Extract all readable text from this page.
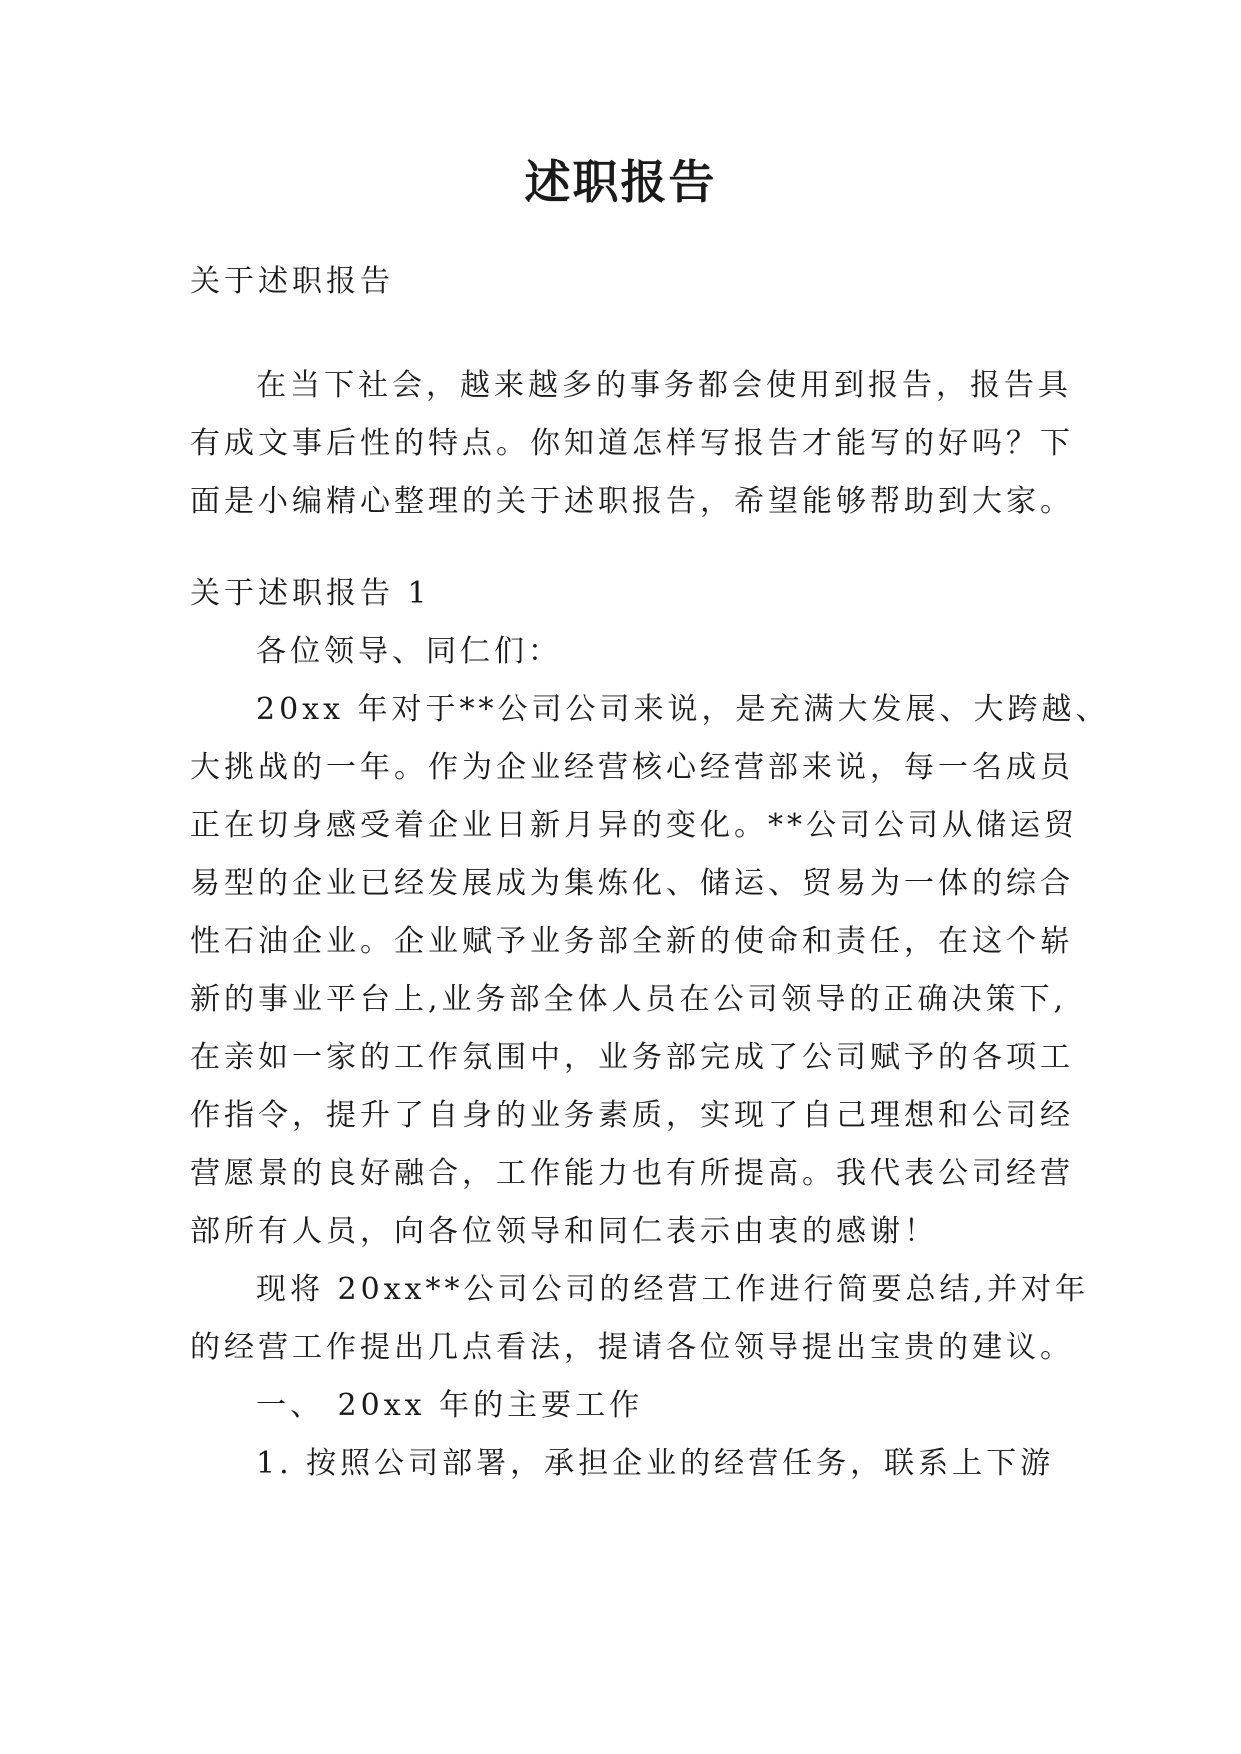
述职报告
关于述职报告
在当下社会，越来越多的事务都会使用到报告，报告具
有成文事后性的特点。你知道怎样写报告才能写的好吗？下
面是小编精心整理的关于述职报告，希望能够帮助到大家。
关于述职报告 1
各位领导、同仁们：
20xx 年对于**公司公司来说，是充满大发展、大跨越、
大挑战的一年。作为企业经营核心经营部来说，每一名成员
正在切身感受着企业日新月异的变化。**公司公司从储运贸
易型的企业已经发展成为集炼化、储运、贸易为一体的综合
性石油企业。企业赋予业务部全新的使命和责任，在这个崭
新的事业平台上,业务部全体人员在公司领导的正确决策下,
在亲如一家的工作氛围中，业务部完成了公司赋予的各项工
作指令，提升了自身的业务素质，实现了自己理想和公司经
营愿景的良好融合，工作能力也有所提高。我代表公司经营
部所有人员，向各位领导和同仁表示由衷的感谢！
现将 20xx**公司公司的经营工作进行简要总结,并对年
的经营工作提出几点看法，提请各位领导提出宝贵的建议。
一、 20xx 年的主要工作
1. 按照公司部署，承担企业的经营任务，联系上下游
